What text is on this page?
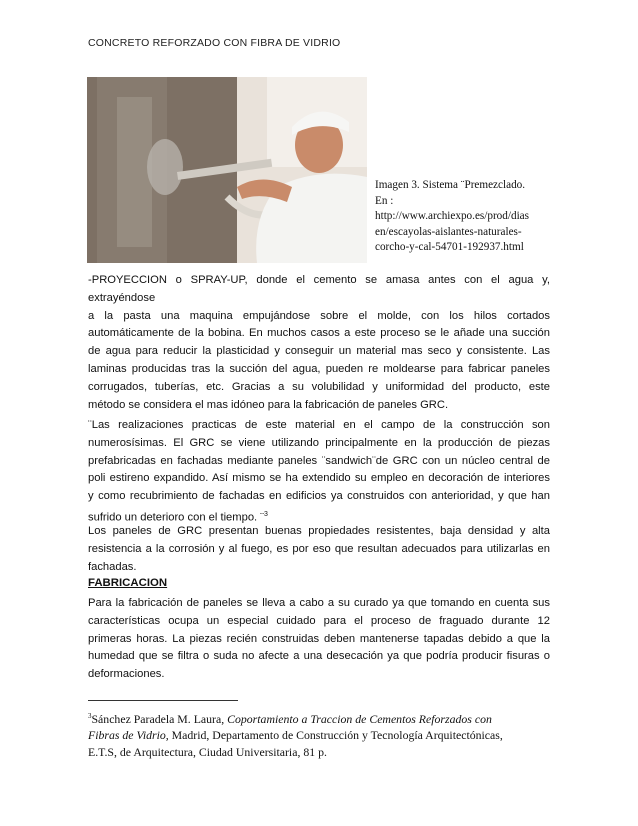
CONCRETO REFORZADO CON FIBRA DE VIDRIO
Imagen 3. Sistema ¨Premezclado.
En :
http://www.archiexpo.es/prod/dias
en/escayolas-aislantes-naturales-
corcho-y-cal-54701-192937.html

-PROYECCION o SPRAY-UP, donde el cemento se amasa antes con el agua y, extrayéndose
a la pasta una maquina empujándose sobre el molde, con los hilos cortados
automáticamente de la bobina. En muchos casos a este proceso se le añade una succión
de agua para reducir la plasticidad y conseguir un material mas seco y consistente. Las
laminas producidas tras la succión del agua, pueden re moldearse para fabricar paneles
corrugados, tuberías, etc. Gracias a su volubilidad y uniformidad del producto, este
método se considera el mas idóneo para la fabricación de paneles GRC.

¨Las realizaciones practicas de este material en el campo de la construcción son
numerosísimas. El GRC se viene utilizando principalmente en la producción de piezas
prefabricadas en fachadas mediante paneles ¨sandwich¨de GRC con un núcleo central de
poli estireno expandido. Así mismo se ha extendido su empleo en decoración de interiores
y como recubrimiento de fachadas en edificios ya construidos con anterioridad, y que han
sufrido un deterioro con el tiempo. ¨$^3$

Los paneles de GRC presentan buenas propiedades resistentes, baja densidad y alta
resistencia a la corrosión y al fuego, es por eso que resultan adecuados para utilizarlas en
fachadas.

FABRICACION

Para la fabricación de paneles se lleva a cabo a su curado ya que tomando en cuenta sus
características ocupa un especial cuidado para el proceso de fraguado durante 12
primeras horas. La piezas recién construidas deben mantenerse tapadas debido a que la
humedad que se filtra o suda no afecte a una desecación ya que podría producir fisuras o
deformaciones.

$^3$Sánchez Paradela M. Laura, Coportamiento a Traccion de Cementos Reforzados con
Fibras de Vidrio, Madrid, Departamento de Construcción y Tecnología Arquitectónicas,
E.T.S, de Arquitectura, Ciudad Universitaria, 81 p.
